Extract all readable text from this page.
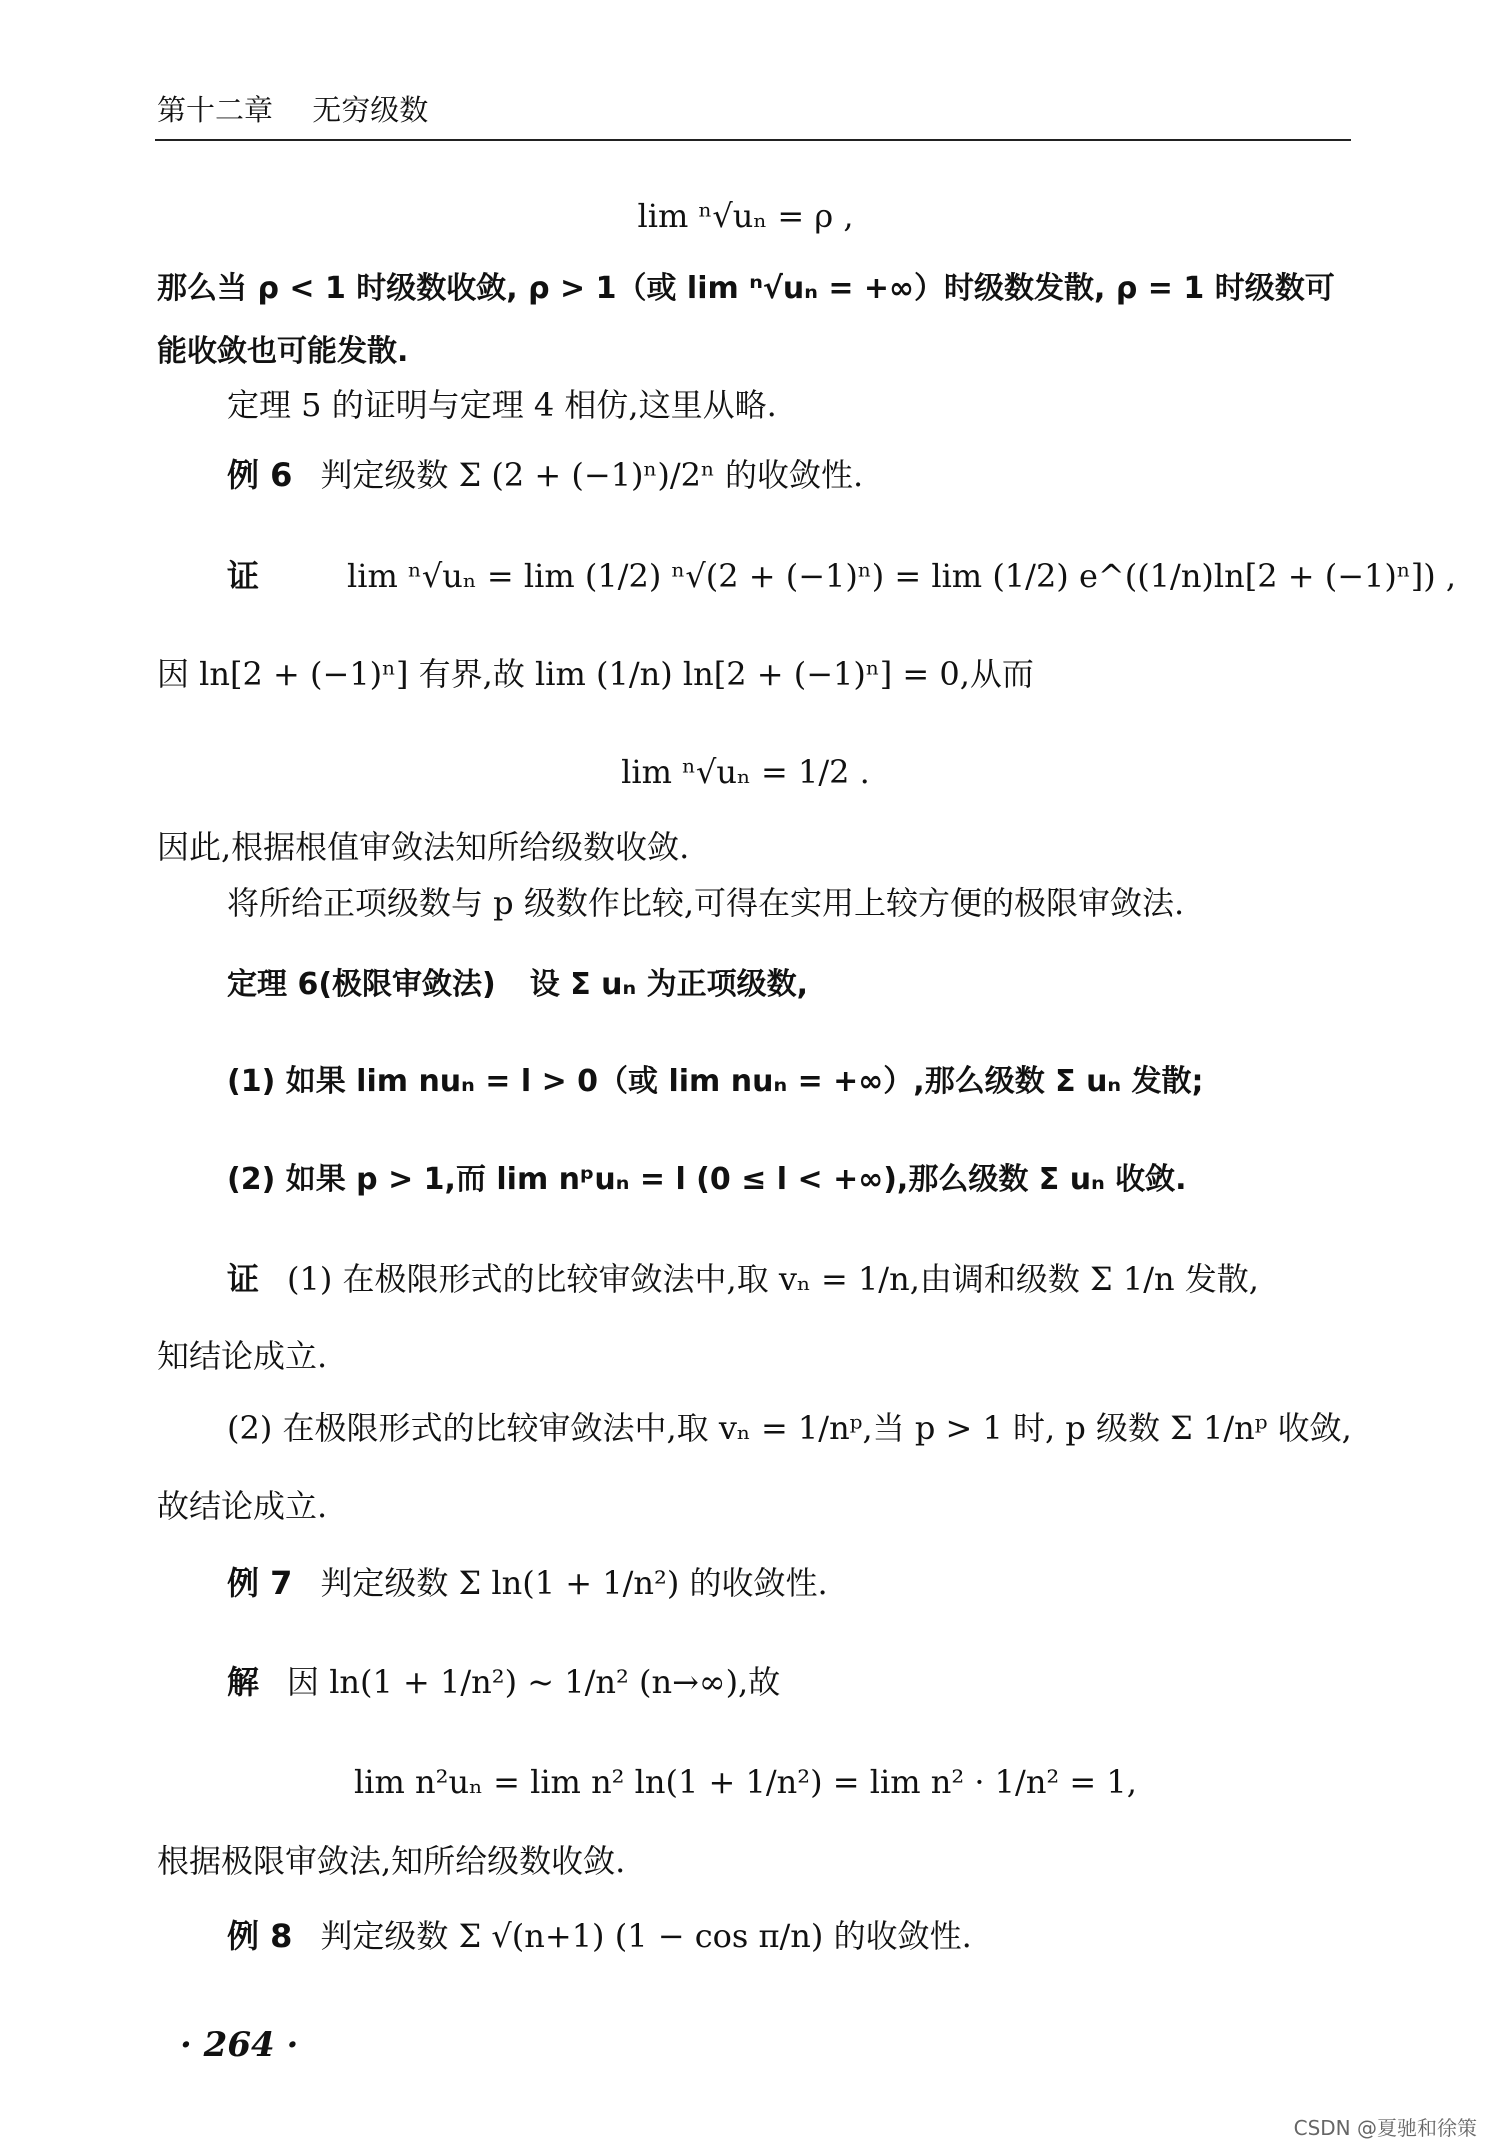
第十二章 无穷级数
lim ⁿ√uₙ = ρ ,
那么当 ρ < 1 时级数收敛, ρ > 1（或 lim ⁿ√uₙ = +∞）时级数发散, ρ = 1 时级数可
能收敛也可能发散.
定理 5 的证明与定理 4 相仿,这里从略.
例 6 判定级数 Σ (2 + (−1)ⁿ)/2ⁿ 的收敛性.
证	lim ⁿ√uₙ = lim (1/2) ⁿ√(2 + (−1)ⁿ) = lim (1/2) e^((1/n)ln[2 + (−1)ⁿ]) ,
因 ln[2 + (−1)ⁿ] 有界,故 lim (1/n) ln[2 + (−1)ⁿ] = 0,从而
lim ⁿ√uₙ = 1/2 .
因此,根据根值审敛法知所给级数收敛.
将所给正项级数与 p 级数作比较,可得在实用上较方便的极限审敛法.
定理 6(极限审敛法) 设 Σ uₙ 为正项级数,
(1) 如果 lim nuₙ = l > 0（或 lim nuₙ = +∞）,那么级数 Σ uₙ 发散;
(2) 如果 p > 1,而 lim nᵖuₙ = l (0 ≤ l < +∞),那么级数 Σ uₙ 收敛.
证 (1) 在极限形式的比较审敛法中,取 vₙ = 1/n,由调和级数 Σ 1/n 发散,
知结论成立.
(2) 在极限形式的比较审敛法中,取 vₙ = 1/nᵖ,当 p > 1 时, p 级数 Σ 1/nᵖ 收敛,
故结论成立.
例 7 判定级数 Σ ln(1 + 1/n²) 的收敛性.
解 因 ln(1 + 1/n²) ~ 1/n² (n→∞),故
lim n²uₙ = lim n² ln(1 + 1/n²) = lim n² · 1/n² = 1,
根据极限审敛法,知所给级数收敛.
例 8 判定级数 Σ √(n+1) (1 − cos π/n) 的收敛性.
· 264 ·
CSDN @夏驰和徐策
